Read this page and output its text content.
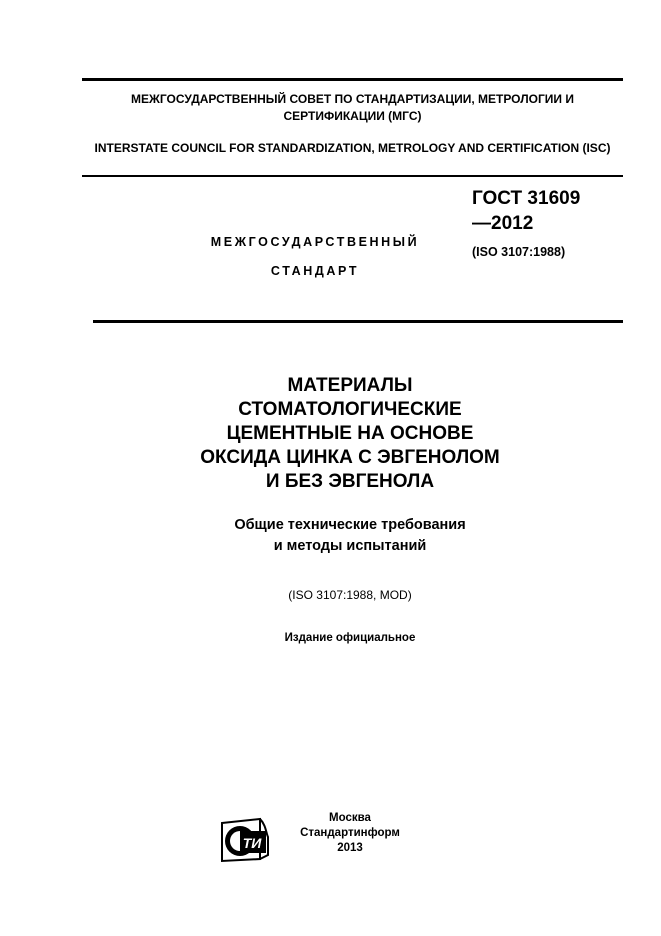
МЕЖГОСУДАРСТВЕННЫЙ СОВЕТ ПО СТАНДАРТИЗАЦИИ, МЕТРОЛОГИИ И СЕРТИФИКАЦИИ (МГС)
INTERSTATE COUNCIL FOR STANDARDIZATION, METROLOGY AND CERTIFICATION (ISC)
МЕЖГОСУДАРСТВЕННЫЙ
СТАНДАРТ
ГОСТ 31609
—2012
(ISO 3107:1988)
МАТЕРИАЛЫ
СТОМАТОЛОГИЧЕСКИЕ
ЦЕМЕНТНЫЕ НА ОСНОВЕ
ОКСИДА ЦИНКА С ЭВГЕНОЛОМ
И БЕЗ ЭВГЕНОЛА
Общие технические требования
и методы испытаний
(ISO 3107:1988, MOD)
Издание официальное
ТИ
Москва
Стандартинформ
2013
